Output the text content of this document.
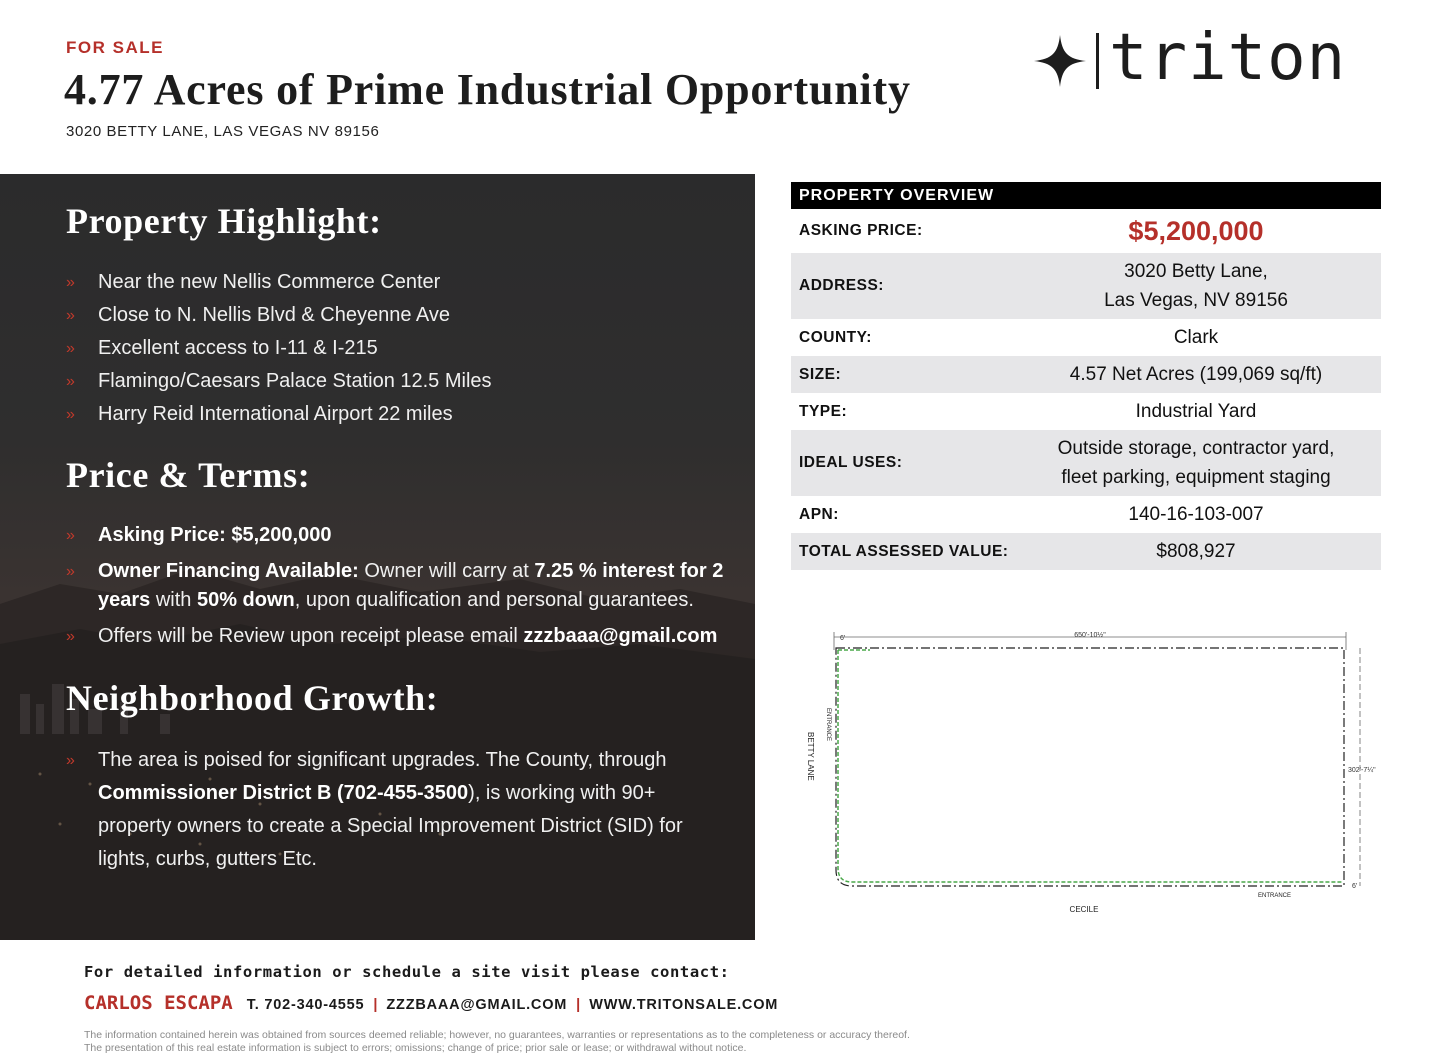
FOR SALE
4.77 Acres of Prime Industrial Opportunity
3020 BETTY LANE, LAS VEGAS NV 89156
triton
Property Highlight:
» Near the new Nellis Commerce Center
» Close to N. Nellis Blvd & Cheyenne Ave
» Excellent access to I-11 & I-215
» Flamingo/Caesars Palace Station 12.5 Miles
» Harry Reid International Airport 22 miles
Price & Terms:
» Asking Price: $5,200,000
» Owner Financing Available: Owner will carry at 7.25 % interest for 2 years with 50% down, upon qualification and personal guarantees.
» Offers will be Review upon receipt please email zzzbaaa@gmail.com
Neighborhood Growth:
» The area is poised for significant upgrades. The County, through Commissioner District B (702-455-3500), is working with 90+ property owners to create a Special Improvement District (SID) for lights, curbs, gutters Etc.
PROPERTY OVERVIEW
ASKING PRICE:	$5,200,000
ADDRESS:
3020 Betty Lane,
Las Vegas, NV 89156
COUNTY:	Clark
SIZE:	4.57 Net Acres (199,069 sq/ft)
TYPE:	Industrial Yard
IDEAL USES:
Outside storage, contractor yard,
fleet parking, equipment staging
APN:	140-16-103-007
TOTAL ASSESSED VALUE:	$808,927
650'-10½"
6'
302'-7¼"
6'
BETTY LANE
ENTRANCE
CECILE
ENTRANCE
For detailed information or schedule a site visit please contact:
CARLOS ESCAPA T. 702-340-4555 | ZZZBAAA@GMAIL.COM | WWW.TRITONSALE.COM
The information contained herein was obtained from sources deemed reliable; however, no guarantees, warranties or representations as to the completeness or accuracy thereof.
The presentation of this real estate information is subject to errors; omissions; change of price; prior sale or lease; or withdrawal without notice.
